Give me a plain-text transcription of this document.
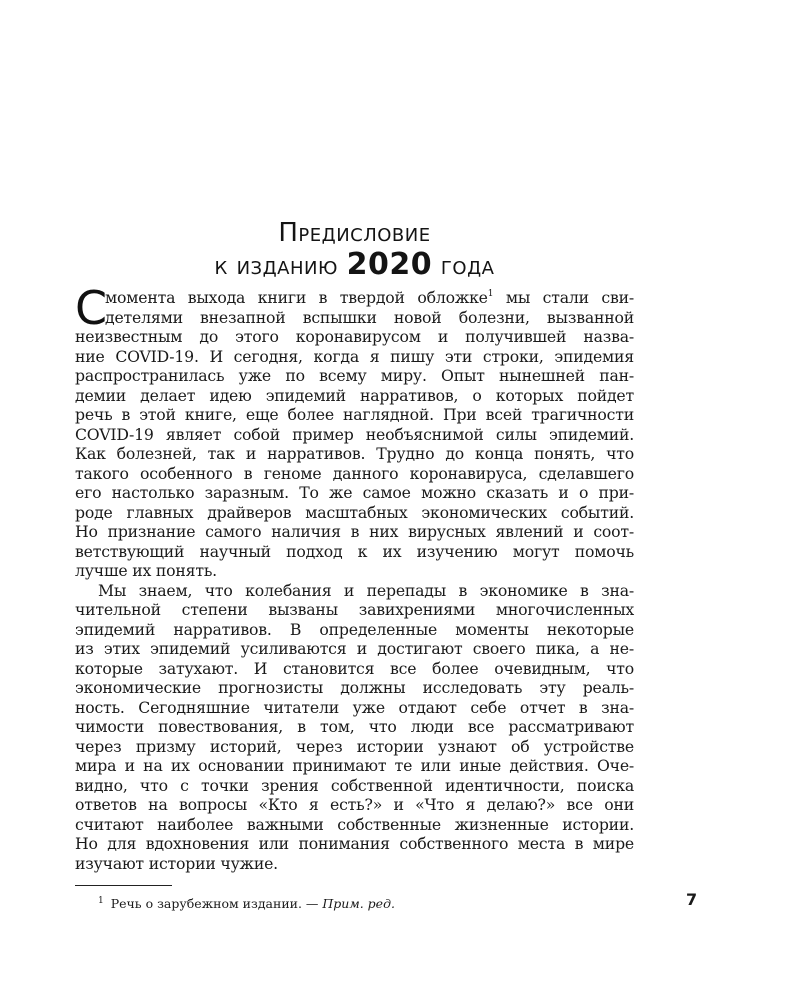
Предисловие
к изданию 2020 года
С
момента выхода книги в твердой обложке$^1$ мы стали сви-
детелями внезапной вспышки новой болезни, вызванной
неизвестным до этого коронавирусом и получившей назва-
ние COVID-19. И сегодня, когда я пишу эти строки, эпидемия
распространилась уже по всему миру. Опыт нынешней пан-
демии делает идею эпидемий нарративов, о которых пойдет
речь в этой книге, еще более наглядной. При всей трагичности
COVID-19 являет собой пример необъяснимой силы эпидемий.
Как болезней, так и нарративов. Трудно до конца понять, что
такого особенного в геноме данного коронавируса, сделавшего
его настолько заразным. То же самое можно сказать и о при-
роде главных драйверов масштабных экономических событий.
Но признание самого наличия в них вирусных явлений и соот-
ветствующий научный подход к их изучению могут помочь
лучше их понять.
Мы знаем, что колебания и перепады в экономике в зна-
чительной степени вызваны завихрениями многочисленных
эпидемий нарративов. В определенные моменты некоторые
из этих эпидемий усиливаются и достигают своего пика, а не-
которые затухают. И становится все более очевидным, что
экономические прогнозисты должны исследовать эту реаль-
ность. Сегодняшние читатели уже отдают себе отчет в зна-
чимости повествования, в том, что люди все рассматривают
через призму историй, через истории узнают об устройстве
мира и на их основании принимают те или иные действия. Оче-
видно, что с точки зрения собственной идентичности, поиска
ответов на вопросы «Кто я есть?» и «Что я делаю?» все они
считают наиболее важными собственные жизненные истории.
Но для вдохновения или понимания собственного места в мире
изучают истории чужие.
$^1$ Речь о зарубежном издании. — Прим. ред.	7
